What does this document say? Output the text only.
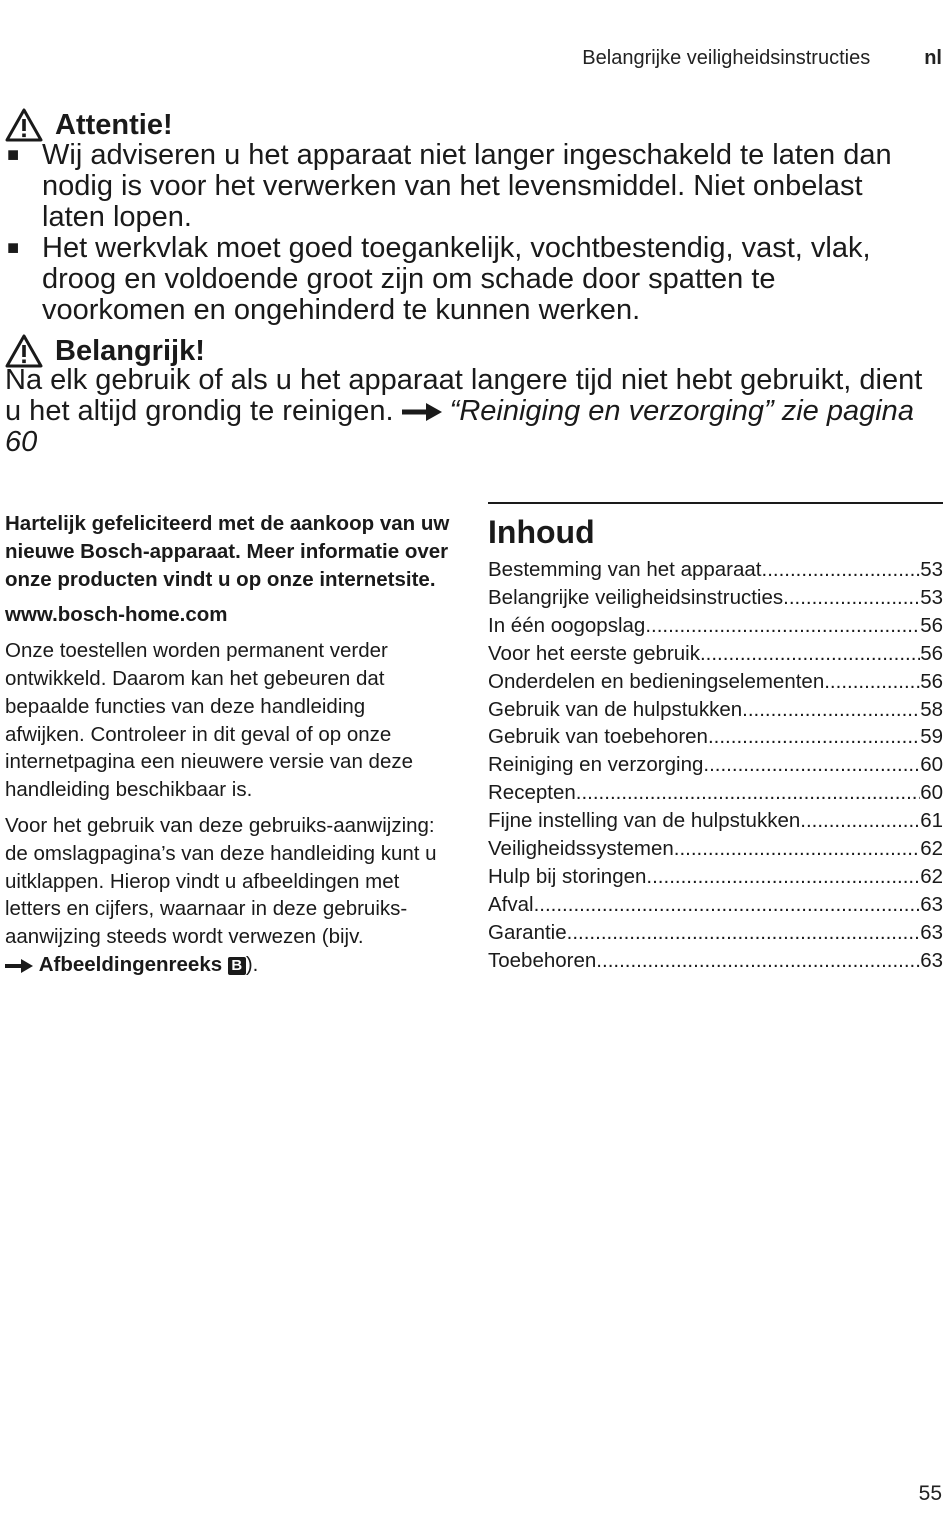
Belangrijke veiligheidsinstructies	nl
Attentie!
■ Wij adviseren u het apparaat niet langer ingeschakeld te laten dan nodig is voor het verwerken van het levensmiddel. Niet onbelast laten lopen.
■ Het werkvlak moet goed toegankelijk, vochtbestendig, vast, vlak, droog en voldoende groot zijn om schade door spatten te voorkomen en ongehinderd te kunnen werken.
Belangrijk!

Na elk gebruik of als u het apparaat langere tijd niet hebt gebruikt, dient u het altijd grondig te reinigen. “Reiniging en verzorging” zie pagina 60

Hartelijk gefeliciteerd met de aankoop van uw nieuwe Bosch-apparaat. Meer informatie over onze producten vindt u op onze internetsite.

www.bosch-home.com

Onze toestellen worden permanent verder ontwikkeld. Daarom kan het gebeuren dat bepaalde functies van deze handleiding afwijken. Controleer in dit geval of op onze internetpagina een nieuwere versie van deze handleiding beschikbaar is.

Voor het gebruik van deze gebruiks-aanwijzing: de omslagpagina’s van deze handleiding kunt u uitklappen. Hierop vindt u afbeeldingen met letters en cijfers, waarnaar in deze gebruiks-aanwijzing steeds wordt verwezen (bijv.
Afbeeldingenreeks B ).

Inhoud
Bestemming van het apparaat .....	53
Belangrijke veiligheidsinstructies .....	53
In één oogopslag .....	56
Voor het eerste gebruik .....	56
Onderdelen en bedieningselementen .....	56
Gebruik van de hulpstukken .....	58
Gebruik van toebehoren .....	59
Reiniging en verzorging .....	60
Recepten .....	60
Fijne instelling van de hulpstukken .....	61
Veiligheidssystemen .....	62
Hulp bij storingen .....	62
Afval .....	63
Garantie .....	63
Toebehoren .....	63
55
